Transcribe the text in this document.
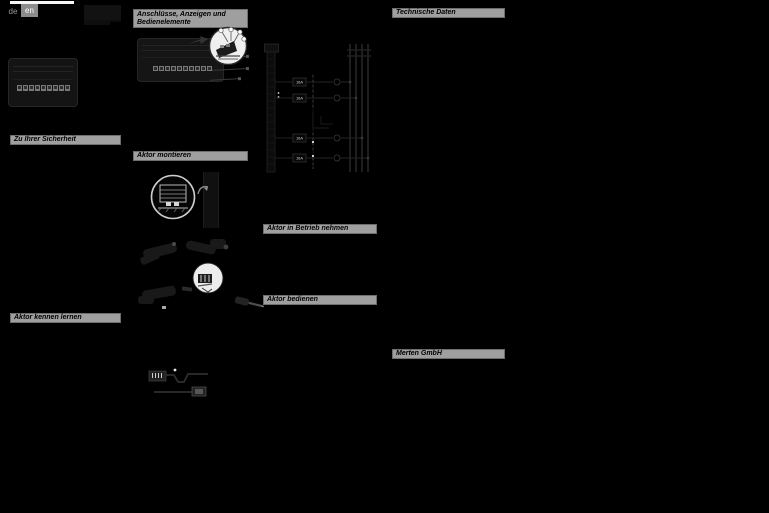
de en
Zu Ihrer Sicherheit
Aktor kennen lernen
Anschlüsse, Anzeigen und
Bedienelemente
Aktor montieren
16A
16A
16A
16A
Aktor in Betrieb nehmen
Aktor bedienen
Technische Daten
Merten GmbH
